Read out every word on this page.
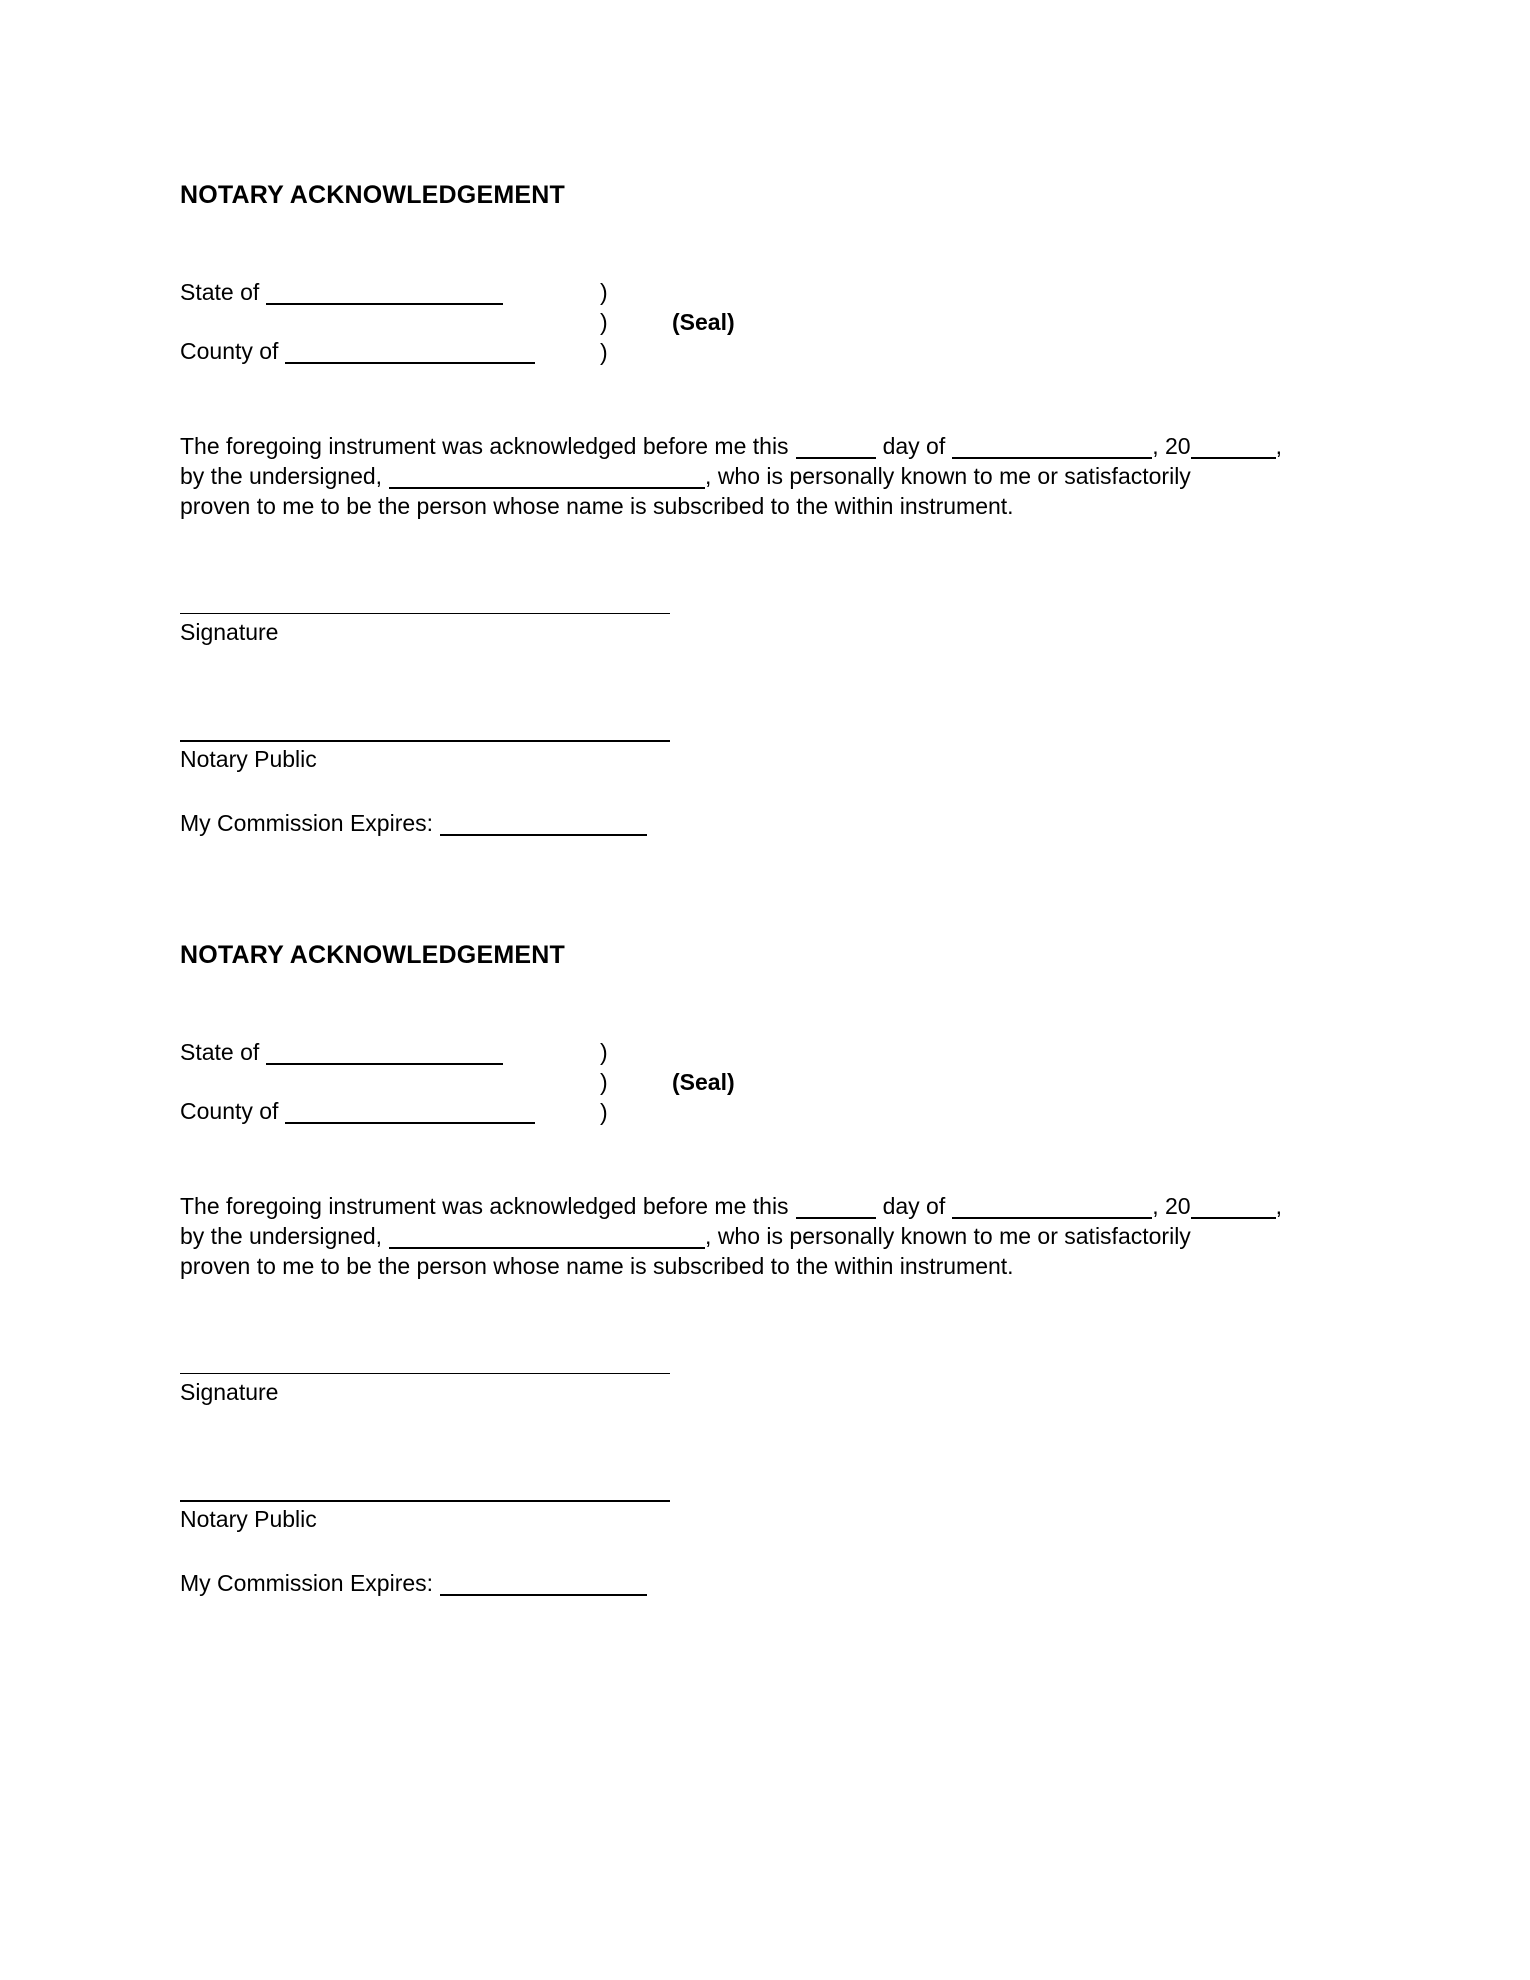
NOTARY ACKNOWLEDGEMENT
State of	)
)	(Seal)
County of	)
The foregoing instrument was acknowledged before me this	day of	, 20	,
by the undersigned,	, who is personally known to me or satisfactorily
proven to me to be the person whose name is subscribed to the within instrument.
Signature
Notary Public
My Commission Expires:
NOTARY ACKNOWLEDGEMENT
State of	)
)	(Seal)
County of	)
The foregoing instrument was acknowledged before me this	day of	, 20	,
by the undersigned,	, who is personally known to me or satisfactorily
proven to me to be the person whose name is subscribed to the within instrument.
Signature
Notary Public
My Commission Expires:
